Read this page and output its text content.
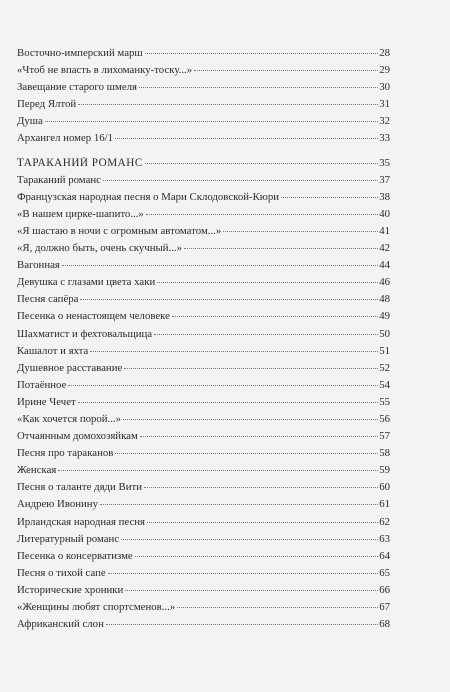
Восточно-имперский марш	28
«Чтоб не впасть в лихоманку-тоску...»	29
Завещание старого шмеля	30
Перед Ялтой	31
Душа	32
Архангел номер 16/1	33
ТАРАКАНИЙ РОМАНС	35
Тараканий романс	37
Французская народная песня о Мари Склодовской-Кюри	38
«В нашем цирке-шапито...»	40
«Я шастаю в ночи с огромным автоматом...»	41
«Я, должно быть, очень скучный...»	42
Вагонная	44
Девушка с глазами цвета хаки	46
Песня сапёра	48
Песенка о ненастоящем человеке	49
Шахматист и фехтовальщица	50
Кашалот и яхта	51
Душевное расставание	52
Потаённое	54
Ирине Чечет	55
«Как хочется порой...»	56
Отчаянным домохозяйкам	57
Песня про тараканов	58
Женская	59
Песня о таланте дяди Вити	60
Андрею Ивонину	61
Ирландская народная песня	62
Литературный романс	63
Песенка о консерватизме	64
Песня о тихой сапе	65
Исторические хроники	66
«Женщины любят спортсменов...»	67
Африканский слон	68
